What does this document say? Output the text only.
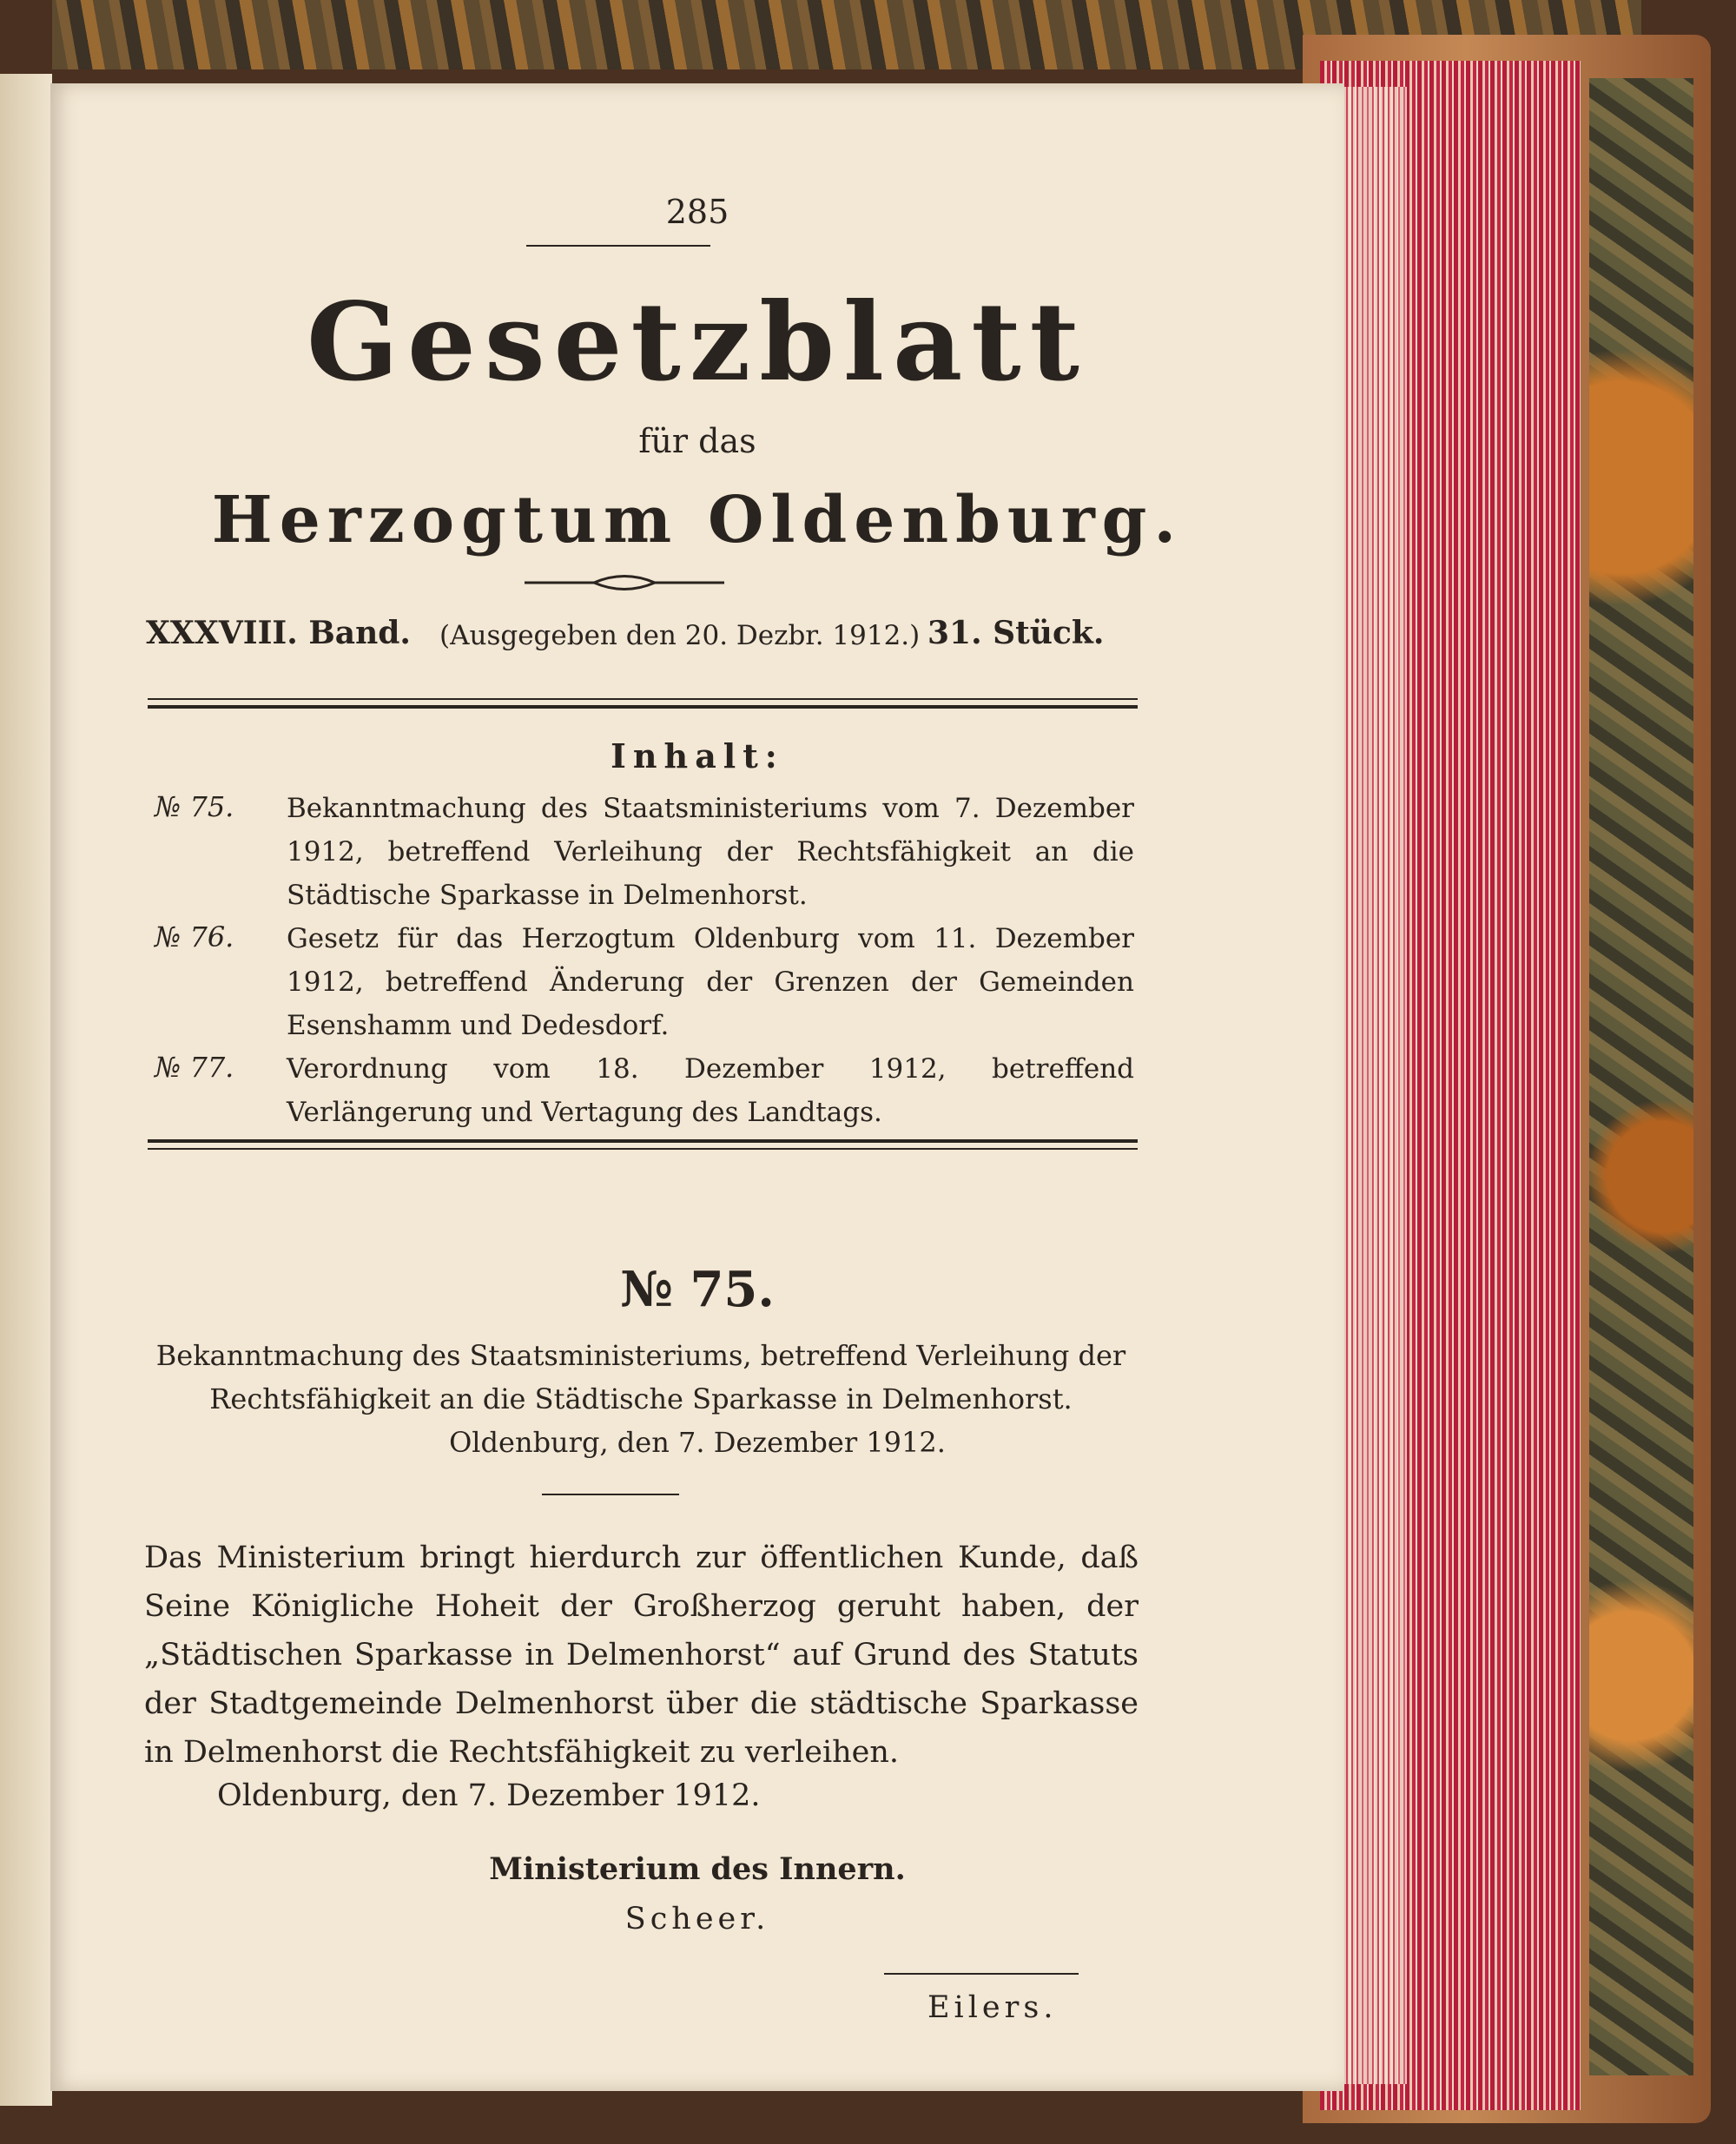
285
Gesetzblatt
für das
Herzogtum Oldenburg.
XXXVIII. Band. (Ausgegeben den 20. Dezbr. 1912.) 31. Stück.
Inhalt:
№ 75. Bekanntmachung des Staatsministeriums vom 7. Dezember 1912, betreffend Verleihung der Rechtsfähigkeit an die Städtische Sparkasse in Delmenhorst.
№ 76. Gesetz für das Herzogtum Oldenburg vom 11. Dezember 1912, betreffend Änderung der Grenzen der Gemeinden Esenshamm und Dedesdorf.
№ 77. Verordnung vom 18. Dezember 1912, betreffend Verlängerung und Vertagung des Landtags.
№ 75.
Bekanntmachung des Staatsministeriums, betreffend Verleihung der Rechtsfähigkeit an die Städtische Sparkasse in Delmenhorst.
Oldenburg, den 7. Dezember 1912.
Das Ministerium bringt hierdurch zur öffentlichen Kunde, daß Seine Königliche Hoheit der Großherzog geruht haben, der „Städtischen Sparkasse in Delmenhorst“ auf Grund des Statuts der Stadtgemeinde Delmenhorst über die städtische Sparkasse in Delmenhorst die Rechtsfähigkeit zu verleihen.
Oldenburg, den 7. Dezember 1912.
Ministerium des Innern.
Scheer.
Eilers.
